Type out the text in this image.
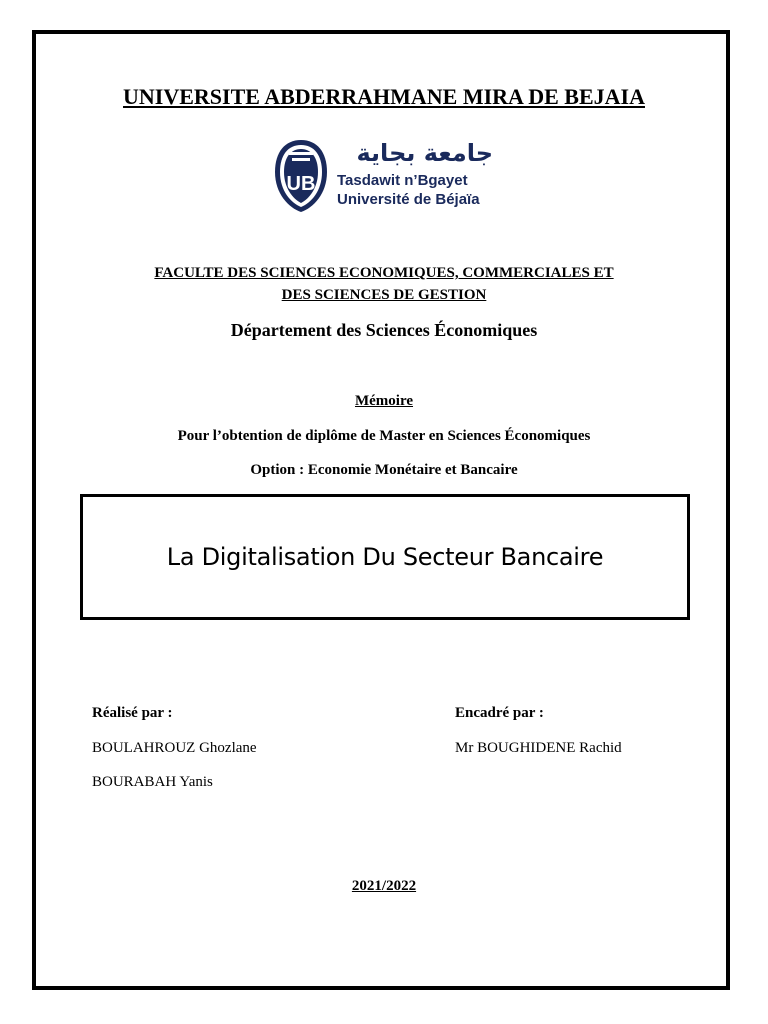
UNIVERSITE ABDERRAHMANE MIRA DE BEJAIA
UB
جامعة بجاية
Tasdawit n’Bgayet
Université de Béjaïa
FACULTE DES SCIENCES ECONOMIQUES, COMMERCIALES ET
DES SCIENCES DE GESTION
Département des Sciences Économiques
Mémoire
Pour l’obtention de diplôme de Master en Sciences Économiques
Option : Economie Monétaire et Bancaire
La Digitalisation Du Secteur Bancaire
Réalisé par :
BOULAHROUZ Ghozlane
BOURABAH Yanis
Encadré par :
Mr BOUGHIDENE Rachid
2021/2022
